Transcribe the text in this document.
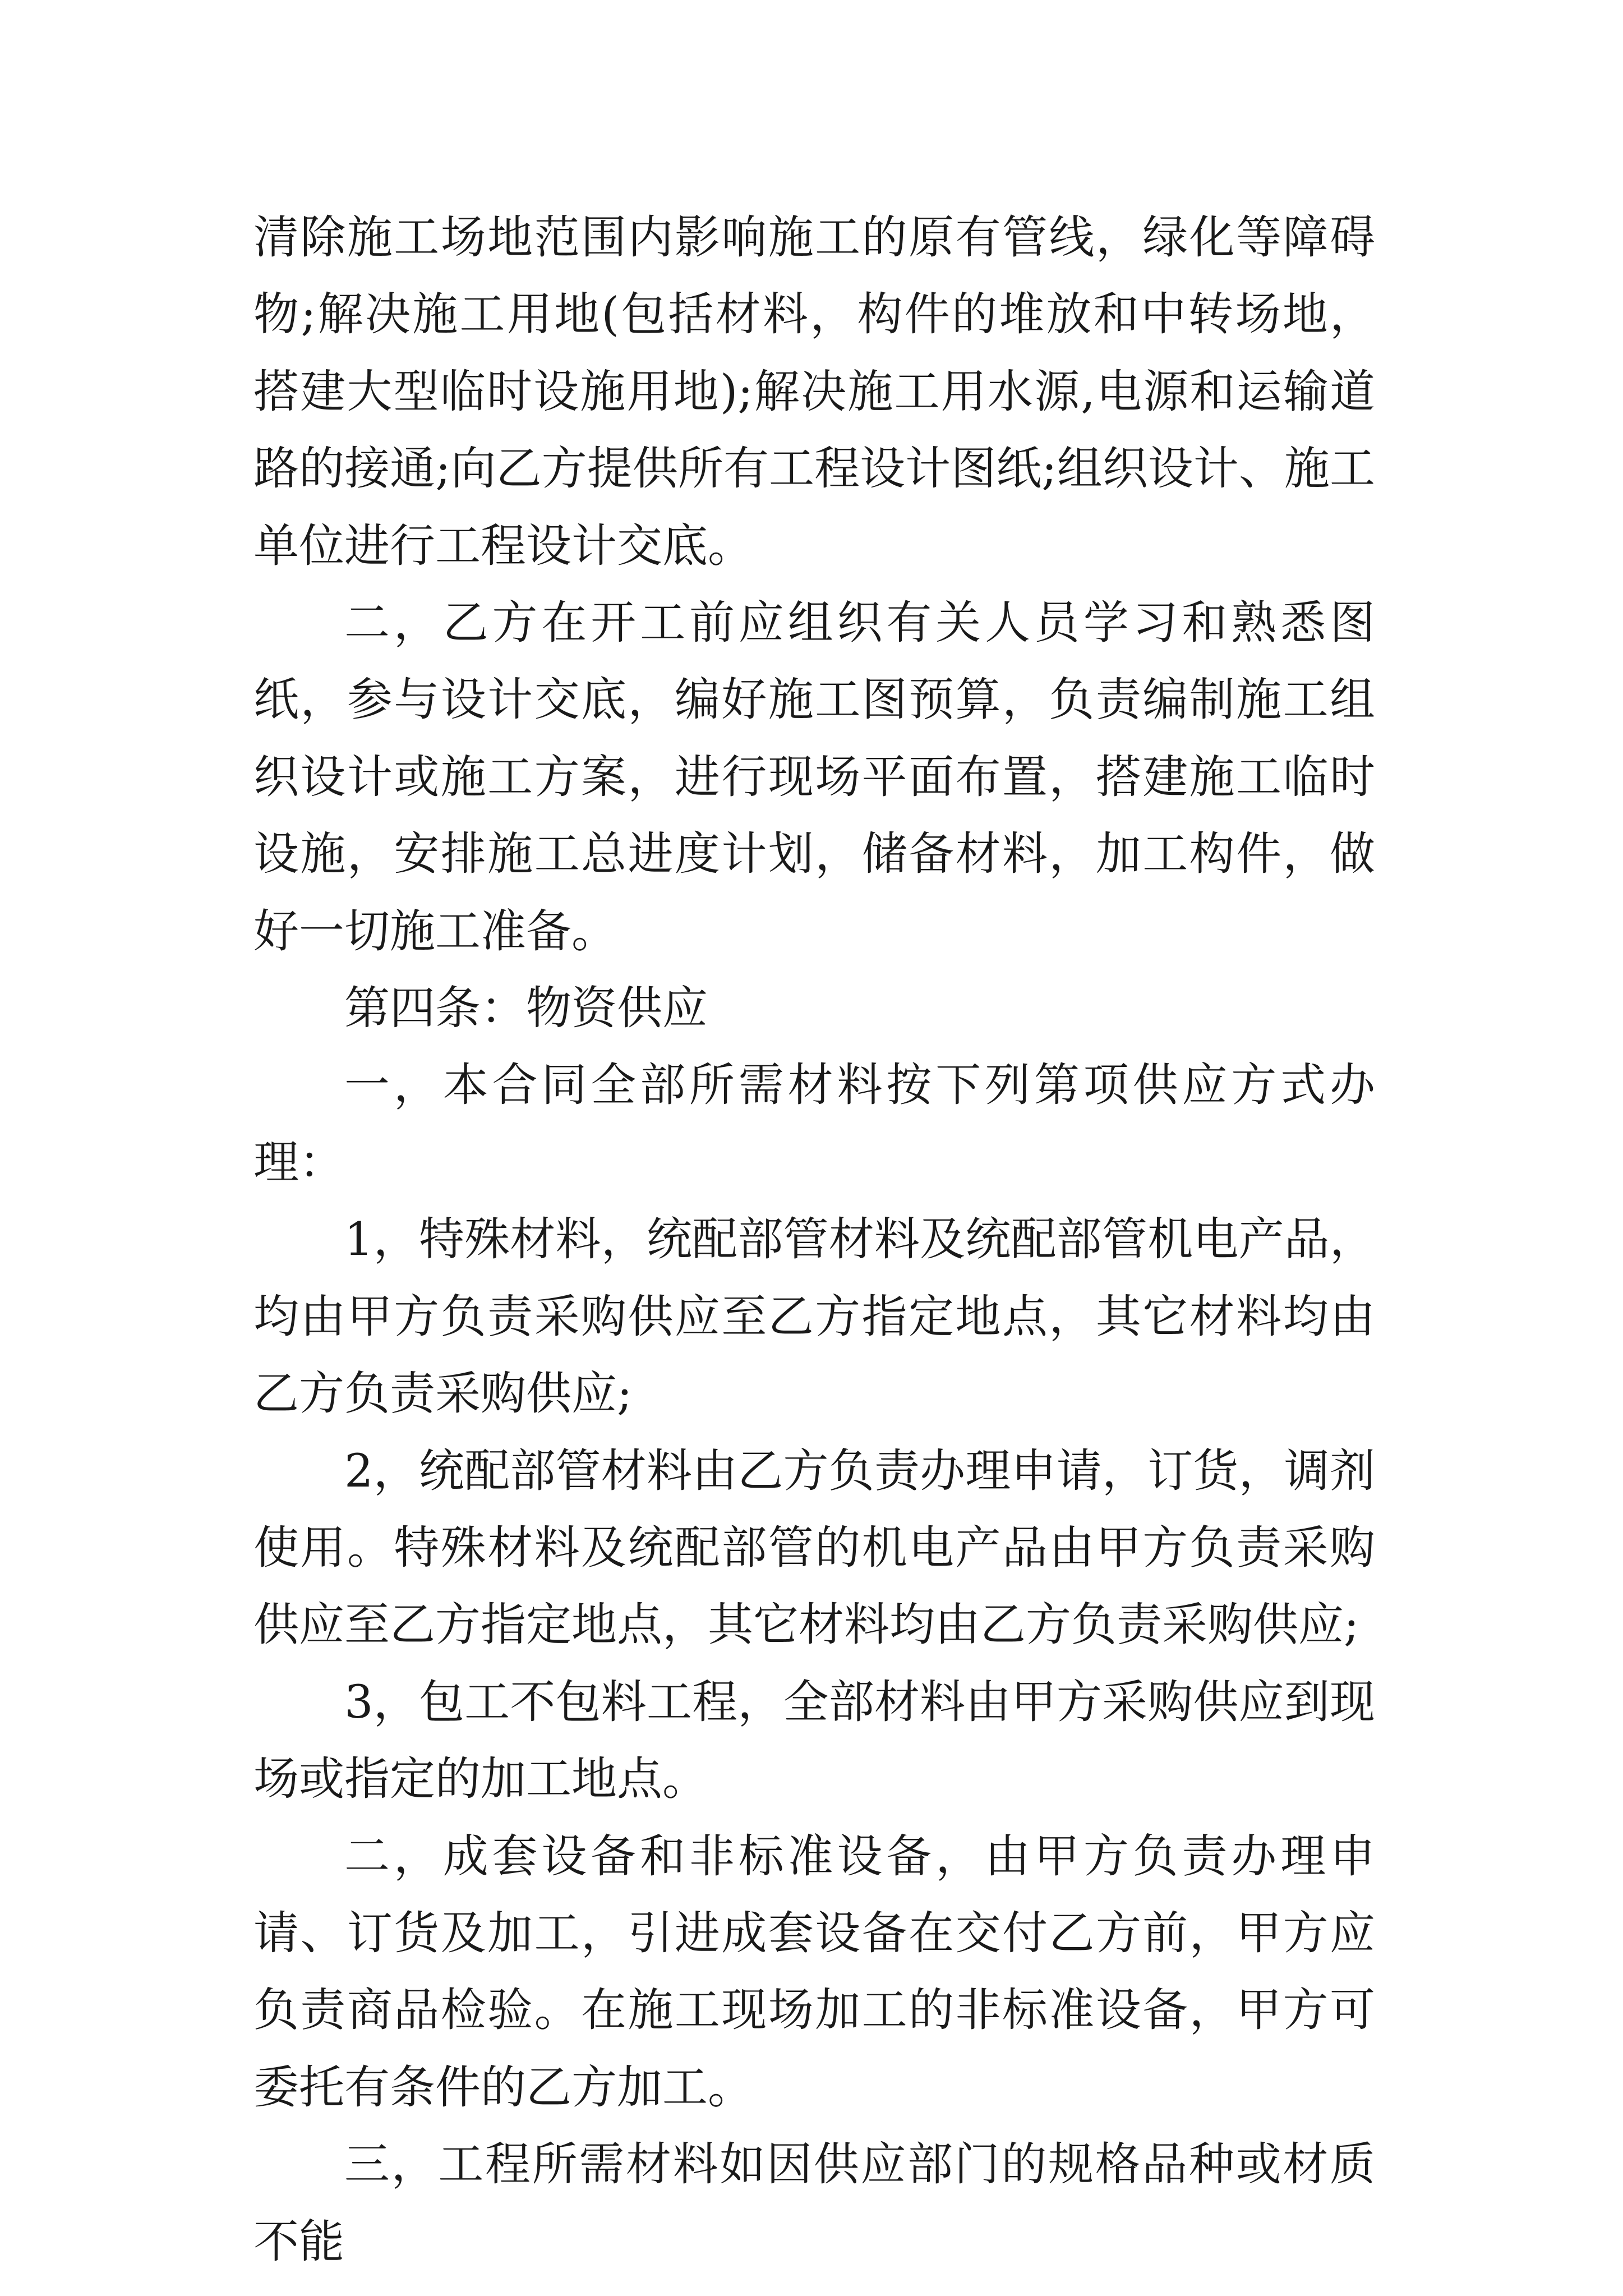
清除施工场地范围内影响施工的原有管线，绿化等障碍物;解决施工用地(包括材料，构件的堆放和中转场地，搭建大型临时设施用地);解决施工用水源,电源和运输道路的接通;向乙方提供所有工程设计图纸;组织设计、施工单位进行工程设计交底。

二，乙方在开工前应组织有关人员学习和熟悉图纸，参与设计交底，编好施工图预算，负责编制施工组织设计或施工方案，进行现场平面布置，搭建施工临时设施，安排施工总进度计划，储备材料，加工构件，做好一切施工准备。

第四条：物资供应

一，本合同全部所需材料按下列第项供应方式办理：

1，特殊材料，统配部管材料及统配部管机电产品，均由甲方负责采购供应至乙方指定地点，其它材料均由乙方负责采购供应;

2，统配部管材料由乙方负责办理申请，订货，调剂使用。特殊材料及统配部管的机电产品由甲方负责采购供应至乙方指定地点，其它材料均由乙方负责采购供应;

3，包工不包料工程，全部材料由甲方采购供应到现场或指定的加工地点。

二，成套设备和非标准设备，由甲方负责办理申请、订货及加工，引进成套设备在交付乙方前，甲方应负责商品检验。在施工现场加工的非标准设备，甲方可委托有条件的乙方加工。

三，工程所需材料如因供应部门的规格品种或材质不能
